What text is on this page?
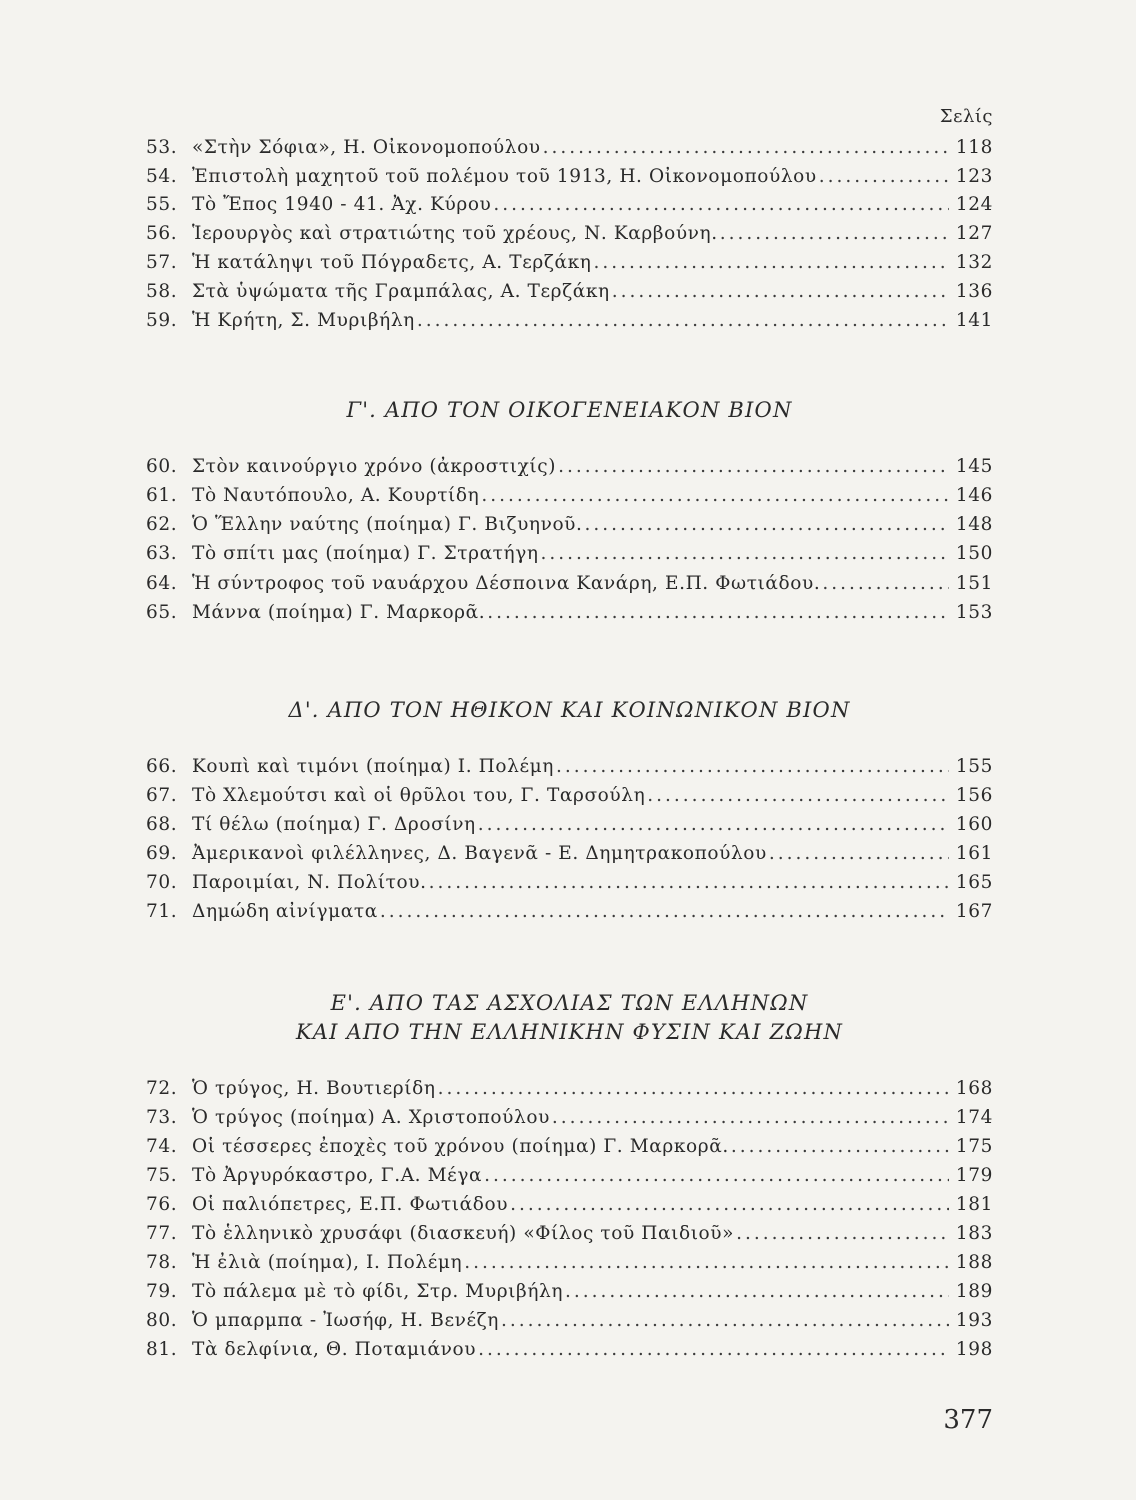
Σελίς
53. «Στὴν Σόφια», Η. Οἰκονομοπούλου .....	118
54. Ἐπιστολὴ μαχητοῦ τοῦ πολέμου τοῦ 1913, Η. Οἰκονομοπούλου .....	123
55. Τὸ Ἔπος 1940 - 41. Ἀχ. Κύρου .....	124
56. Ἱερουργὸς καὶ στρατιώτης τοῦ χρέους, Ν. Καρβούνη. .....	127
57. Ἡ κατάληψι τοῦ Πόγραδετς, Α. Τερζάκη .....	132
58. Στὰ ὑψώματα τῆς Γραμπάλας, Α. Τερζάκη .....	136
59. Ἡ Κρήτη, Σ. Μυριβήλη .....	141
Γ'. ΑΠΟ ΤΟΝ ΟΙΚΟΓΕΝΕΙΑΚΟΝ ΒΙΟΝ
60. Στὸν καινούργιο χρόνο (ἀκροστιχίς) .....	145
61. Τὸ Ναυτόπουλο, Α. Κουρτίδη .....	146
62. Ὁ Ἕλλην ναύτης (ποίημα) Γ. Βιζυηνοῦ. .....	148
63. Τὸ σπίτι μας (ποίημα) Γ. Στρατήγη .....	150
64. Ἡ σύντροφος τοῦ ναυάρχου Δέσποινα Κανάρη, Ε.Π. Φωτιάδου. .....	151
65. Μάννα (ποίημα) Γ. Μαρκορᾶ. .....	153
Δ'. ΑΠΟ ΤΟΝ ΗΘΙΚΟΝ ΚΑΙ ΚΟΙΝΩΝΙΚΟΝ ΒΙΟΝ
66. Κουπὶ καὶ τιμόνι (ποίημα) Ι. Πολέμη .....	155
67. Τὸ Χλεμούτσι καὶ οἱ θρῦλοι του, Γ. Ταρσούλη .....	156
68. Τί θέλω (ποίημα) Γ. Δροσίνη .....	160
69. Ἀμερικανοὶ φιλέλληνες, Δ. Βαγενᾶ - Ε. Δημητρακοπούλου .....	161
70. Παροιμίαι, Ν. Πολίτου. .....	165
71. Δημώδη αἰνίγματα .....	167
Ε'. ΑΠΟ ΤΑΣ ΑΣΧΟΛΙΑΣ ΤΩΝ ΕΛΛΗΝΩΝ
ΚΑΙ ΑΠΟ ΤΗΝ ΕΛΛΗΝΙΚΗΝ ΦΥΣΙΝ ΚΑΙ ΖΩΗΝ
72. Ὁ τρύγος, Η. Βουτιερίδη .....	168
73. Ὁ τρύγος (ποίημα) Α. Χριστοπούλου .....	174
74. Οἱ τέσσερες ἐποχὲς τοῦ χρόνου (ποίημα) Γ. Μαρκορᾶ. .....	175
75. Τὸ Ἀργυρόκαστρο, Γ.Α. Μέγα .....	179
76. Οἱ παλιόπετρες, Ε.Π. Φωτιάδου .....	181
77. Τὸ ἑλληνικὸ χρυσάφι (διασκευή) «Φίλος τοῦ Παιδιοῦ» .....	183
78. Ἡ ἐλιὰ (ποίημα), Ι. Πολέμη .....	188
79. Τὸ πάλεμα μὲ τὸ φίδι, Στρ. Μυριβήλη .....	189
80. Ὁ μπαρμπα - Ἰωσήφ, Η. Βενέζη .....	193
81. Τὰ δελφίνια, Θ. Ποταμιάνου .....	198
377
